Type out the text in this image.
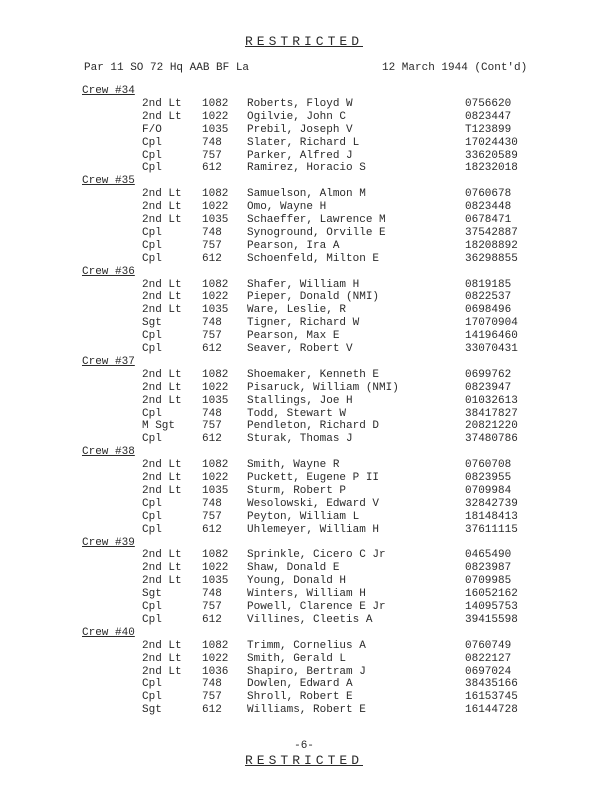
RESTRICTED
Par 11 SO 72 Hq AAB BF La	12 March 1944 (Cont'd)
Crew #34
2nd Lt 1082 Roberts, Floyd W	0756620
2nd Lt 1022 Ogilvie, John C	0823447
F/O	1035 Prebil, Joseph V	T123899
Cpl	748 Slater, Richard L	17024430
Cpl	757 Parker, Alfred J	33620589
Cpl	612 Ramirez, Horacio S	18232018
Crew #35
2nd Lt 1082 Samuelson, Almon M	0760678
2nd Lt 1022 Omo, Wayne H	0823448
2nd Lt 1035 Schaeffer, Lawrence M	0678471
Cpl	748 Synoground, Orville E	37542887
Cpl	757 Pearson, Ira A	18208892
Cpl	612 Schoenfeld, Milton E	36298855
Crew #36
2nd Lt 1082 Shafer, William H	0819185
2nd Lt 1022 Pieper, Donald (NMI)	0822537
2nd Lt 1035 Ware, Leslie, R	0698496
Sgt	748 Tigner, Richard W	17070904
Cpl	757 Pearson, Max E	14196460
Cpl	612 Seaver, Robert V	33070431
Crew #37
2nd Lt 1082 Shoemaker, Kenneth E	0699762
2nd Lt 1022 Pisaruck, William (NMI)	0823947
2nd Lt 1035 Stallings, Joe H	01032613
Cpl	748 Todd, Stewart W	38417827
M Sgt 757 Pendleton, Richard D	20821220
Cpl	612 Sturak, Thomas J	37480786
Crew #38
2nd Lt 1082 Smith, Wayne R	0760708
2nd Lt 1022 Puckett, Eugene P II	0823955
2nd Lt 1035 Sturm, Robert P	0709984
Cpl	748 Wesolowski, Edward V	32842739
Cpl	757 Peyton, William L	18148413
Cpl	612 Uhlemeyer, William H	37611115
Crew #39
2nd Lt 1082 Sprinkle, Cicero C Jr	0465490
2nd Lt 1022 Shaw, Donald E	0823987
2nd Lt 1035 Young, Donald H	0709985
Sgt	748 Winters, William H	16052162
Cpl	757 Powell, Clarence E Jr	14095753
Cpl	612 Villines, Cleetis A	39415598
Crew #40
2nd Lt 1082 Trimm, Cornelius A	0760749
2nd Lt 1022 Smith, Gerald L	0822127
2nd Lt 1036 Shapiro, Bertram J	0697024
Cpl	748 Dowlen, Edward A	38435166
Cpl	757 Shroll, Robert E	16153745
Sgt	612 Williams, Robert E	16144728
-6-
RESTRICTED
